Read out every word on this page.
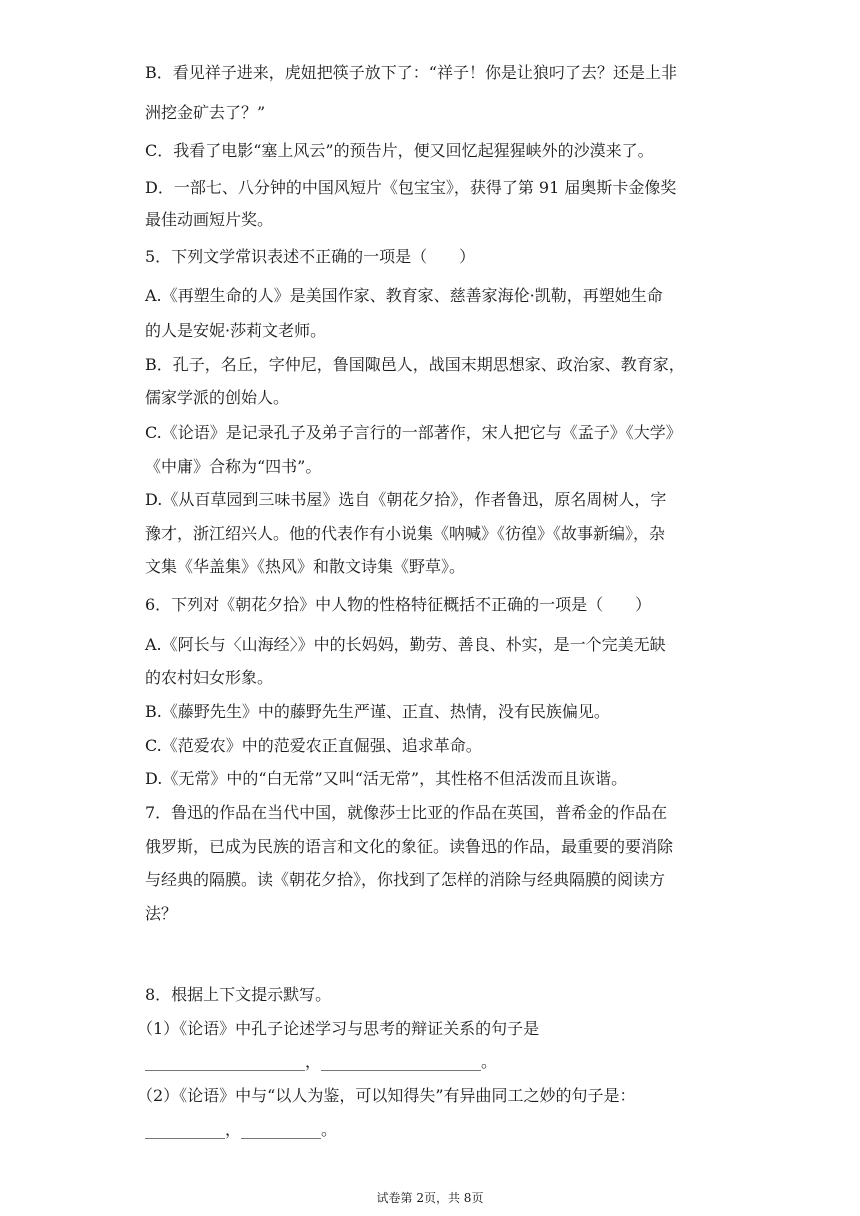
B．看见祥子进来，虎妞把筷子放下了：“祥子！你是让狼叼了去？还是上非
洲挖金矿去了？”
C．我看了电影“塞上风云”的预告片，便又回忆起猩猩峡外的沙漠来了。
D．一部七、八分钟的中国风短片《包宝宝》，获得了第 91 届奥斯卡金像奖
最佳动画短片奖。
5．下列文学常识表述不正确的一项是（　　）
A.《再塑生命的人》是美国作家、教育家、慈善家海伦·凯勒，再塑她生命
的人是安妮·莎莉文老师。
B．孔子，名丘，字仲尼，鲁国陬邑人，战国末期思想家、政治家、教育家，
儒家学派的创始人。
C.《论语》是记录孔子及弟子言行的一部著作，宋人把它与《孟子》《大学》
《中庸》合称为“四书”。
D.《从百草园到三味书屋》选自《朝花夕拾》，作者鲁迅，原名周树人，字
豫才，浙江绍兴人。他的代表作有小说集《呐喊》《彷徨》《故事新编》，杂
文集《华盖集》《热风》和散文诗集《野草》。
6．下列对《朝花夕拾》中人物的性格特征概括不正确的一项是（　　）
A.《阿长与〈山海经〉》中的长妈妈，勤劳、善良、朴实，是一个完美无缺
的农村妇女形象。
B.《藤野先生》中的藤野先生严谨、正直、热情，没有民族偏见。
C.《范爱农》中的范爱农正直倔强、追求革命。
D.《无常》中的“白无常”又叫“活无常”，其性格不但活泼而且诙谐。
7．鲁迅的作品在当代中国，就像莎士比亚的作品在英国，普希金的作品在
俄罗斯，已成为民族的语言和文化的象征。读鲁迅的作品，最重要的要消除
与经典的隔膜。读《朝花夕拾》，你找到了怎样的消除与经典隔膜的阅读方
法？
8．根据上下文提示默写。
（1）《论语》中孔子论述学习与思考的辩证关系的句子是
____________________，____________________。
（2）《论语》中与“以人为鉴，可以知得失”有异曲同工之妙的句子是：
__________，__________。
试卷第 2页，共 8页
